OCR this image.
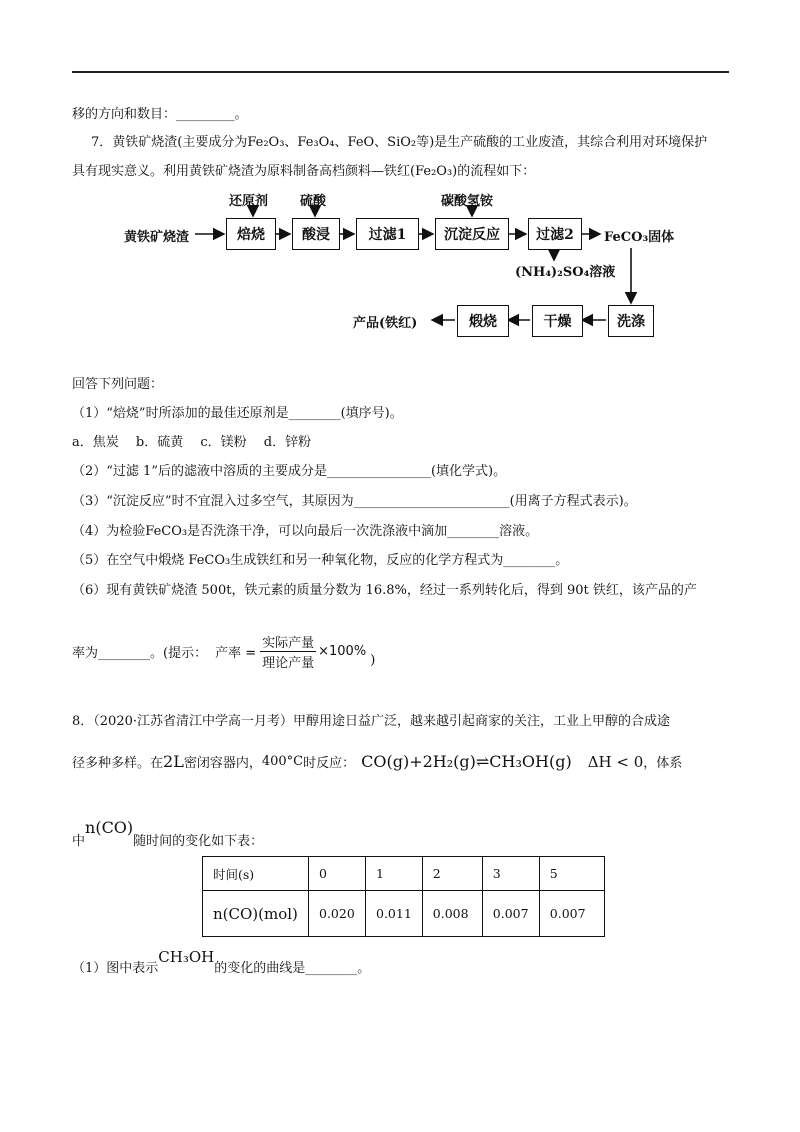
移的方向和数目：_________。
7．黄铁矿烧渣(主要成分为Fe₂O₃、Fe₃O₄、FeO、SiO₂等)是生产硫酸的工业废渣，其综合利用对环境保护
具有现实意义。利用黄铁矿烧渣为原料制备高档颜料—铁红(Fe₂O₃)的流程如下：
黄铁矿烧渣	焙烧	酸浸	过滤1	沉淀反应	过滤2	FeCO₃固体
还原剂 硫酸	碳酸氢铵
(NH₄)₂SO₄溶液
洗涤
干燥
煅烧
产品(铁红)
回答下列问题：
（1）“焙烧”时所添加的最佳还原剂是________(填序号)。
a．焦炭　 b．硫黄　 c．镁粉　 d．锌粉
（2）“过滤 1”后的滤液中溶质的主要成分是________________(填化学式)。
（3）“沉淀反应”时不宜混入过多空气，其原因为________________________(用离子方程式表示)。
（4）为检验FeCO₃是否洗涤干净，可以向最后一次洗涤液中滴加________溶液。
（5）在空气中煅烧 FeCO₃生成铁红和另一种氧化物，反应的化学方程式为________。
（6）现有黄铁矿烧渣 500t，铁元素的质量分数为 16.8%，经过一系列转化后，得到 90t 铁红，该产品的产
率为________。(提示： 产率 = $\frac{\text{实际产量}}{\text{理论产量}} \times 100\%$
)
8．（2020·江苏省清江中学高一月考）甲醇用途日益广泛，越来越引起商家的关注，工业上甲醇的合成途
径多种多样。在 2L 密闭容器内， 400°C 时反应： CO(g)+2H₂(g)⇌CH₃OH(g) ΔH < 0 ，体系
中
n(CO)
随时间的变化如下表：
时间(s)	0	1	2	3	5
n(CO)(mol)	0.020	0.011	0.008	0.007	0.007
（1）图中表示
CH₃OH
的变化的曲线是________。
